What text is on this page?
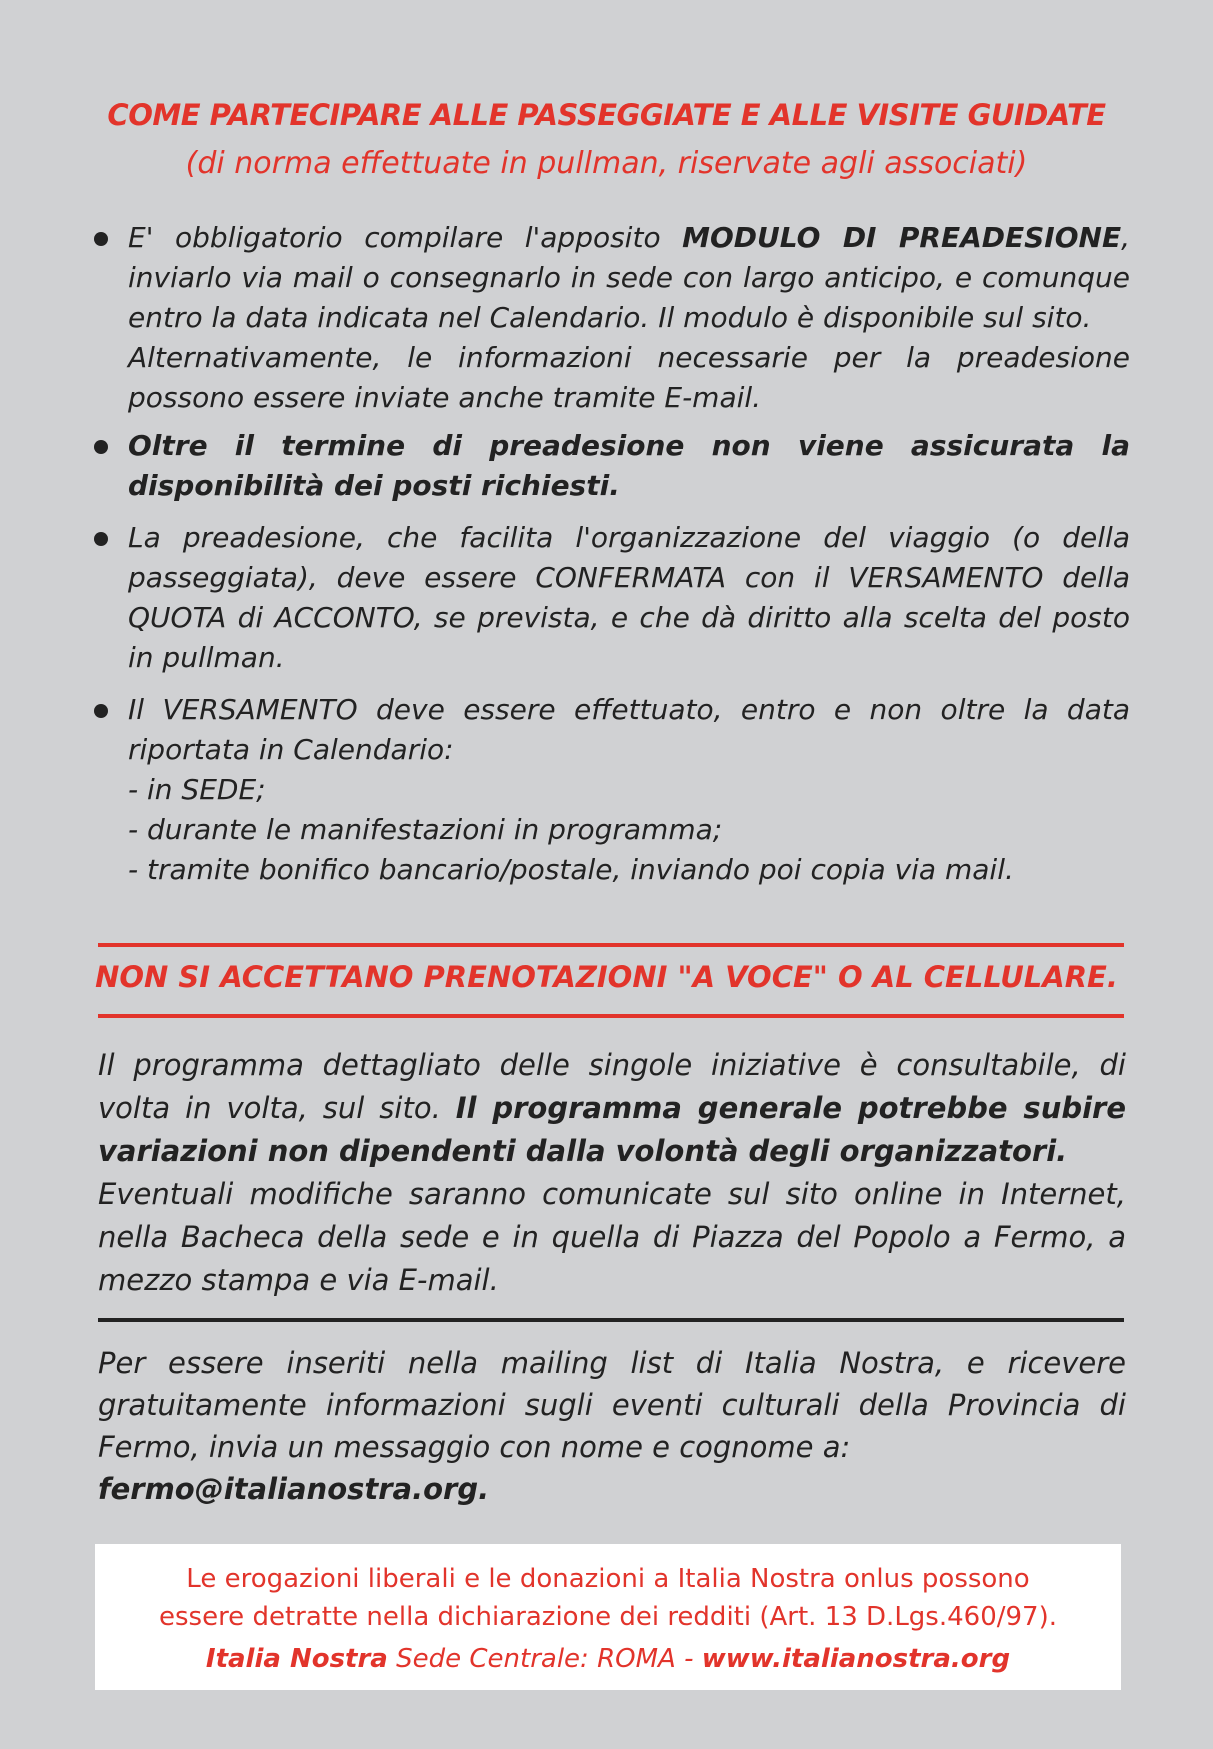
COME PARTECIPARE ALLE PASSEGGIATE E ALLE VISITE GUIDATE
(di norma effettuate in pullman, riservate agli associati)

E' obbligatorio compilare l'apposito MODULO DI PREADESIONE, inviarlo via mail o consegnarlo in sede con largo anticipo, e comunque entro la data indicata nel Calendario. Il modulo è disponibile sul sito.

Alternativamente, le informazioni necessarie per la preadesione possono essere inviate anche tramite E-mail.

Oltre il termine di preadesione non viene assicurata la disponibilità dei posti richiesti.

La preadesione, che facilita l'organizzazione del viaggio (o della passeggiata), deve essere CONFERMATA con il VERSAMENTO della QUOTA di ACCONTO, se prevista, e che dà diritto alla scelta del posto in pullman.

Il VERSAMENTO deve essere effettuato, entro e non oltre la data riportata in Calendario:

- in SEDE;

- durante le manifestazioni in programma;

- tramite bonifico bancario/postale, inviando poi copia via mail.

NON SI ACCETTANO PRENOTAZIONI "A VOCE" O AL CELLULARE.

Il programma dettagliato delle singole iniziative è consultabile, di volta in volta, sul sito. Il programma generale potrebbe subire variazioni non dipendenti dalla volontà degli organizzatori.

Eventuali modifiche saranno comunicate sul sito online in Internet, nella Bacheca della sede e in quella di Piazza del Popolo a Fermo, a mezzo stampa e via E-mail.

Per essere inseriti nella mailing list di Italia Nostra, e ricevere gratuitamente informazioni sugli eventi culturali della Provincia di Fermo, invia un messaggio con nome e cognome a:

fermo@italianostra.org.

Le erogazioni liberali e le donazioni a Italia Nostra onlus possono

essere detratte nella dichiarazione dei redditi (Art. 13 D.Lgs.460/97).

Italia Nostra Sede Centrale: ROMA - www.italianostra.org
